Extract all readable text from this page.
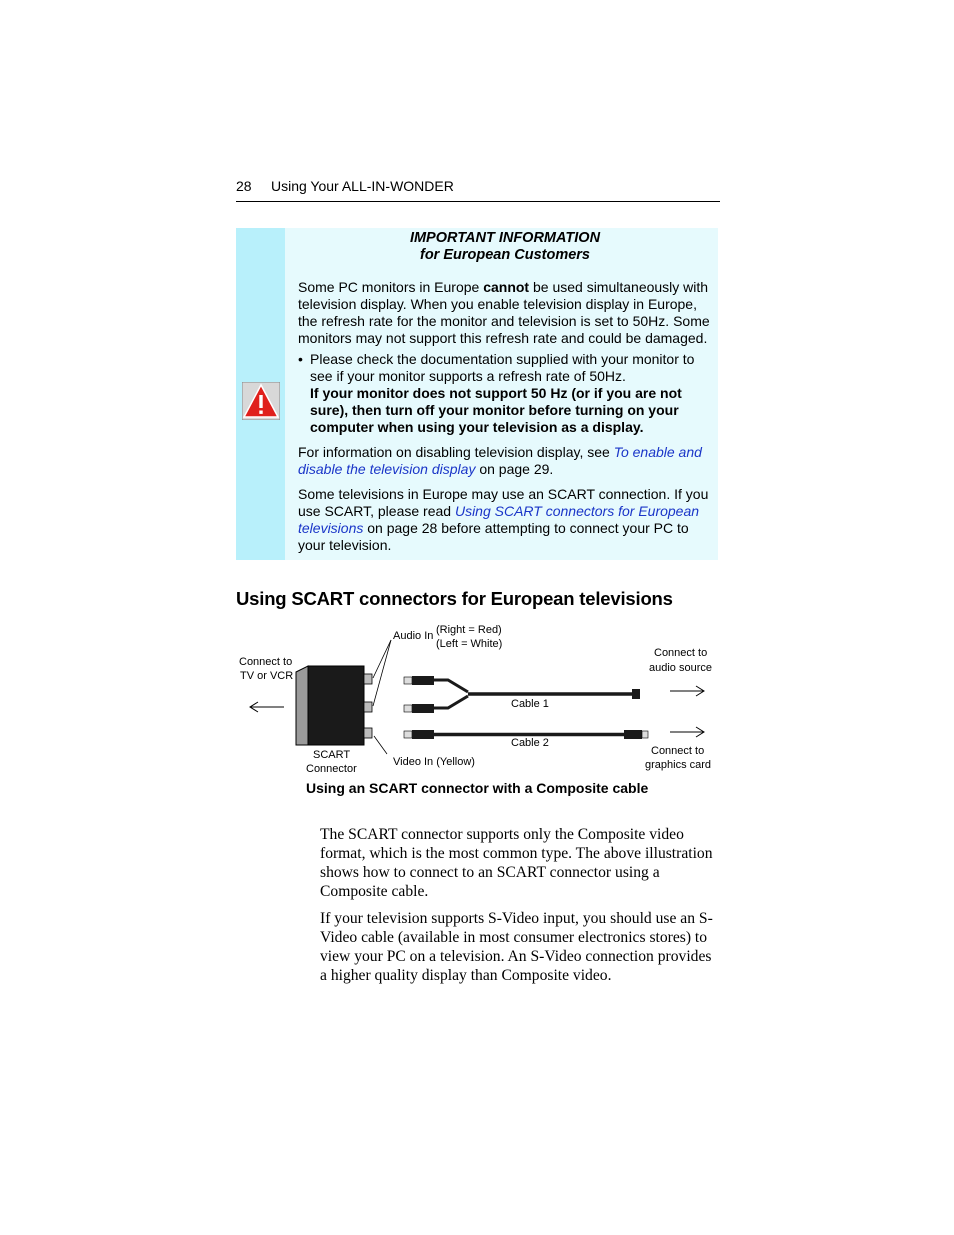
28 Using Your ALL-IN-WONDER
IMPORTANT INFORMATION
for European Customers

Some PC monitors in Europe cannot be used simultaneously with television display. When you enable television display in Europe, the refresh rate for the monitor and television is set to 50Hz. Some monitors may not support this refresh rate and could be damaged.

• Please check the documentation supplied with your monitor to see if your monitor supports a refresh rate of 50Hz.
If your monitor does not support 50 Hz (or if you are not sure), then turn off your monitor before turning on your computer when using your television as a display.

For information on disabling television display, see To enable and disable the television display on page 29.

Some televisions in Europe may use an SCART connection. If you use SCART, please read Using SCART connectors for European televisions on page 28 before attempting to connect your PC to your television.

Using SCART connectors for European televisions
Audio In (Right = Red)
(Left = White)
Connect to
TV or VCR
Connect to
audio source
Cable 1
Cable 2
SCART
Connector
Video In (Yellow)
Connect to
graphics card
Using an SCART connector with a Composite cable

The SCART connector supports only the Composite video format, which is the most common type. The above illustration shows how to connect to an SCART connector using a Composite cable.

If your television supports S-Video input, you should use an S-Video cable (available in most consumer electronics stores) to view your PC on a television. An S-Video connection provides a higher quality display than Composite video.
